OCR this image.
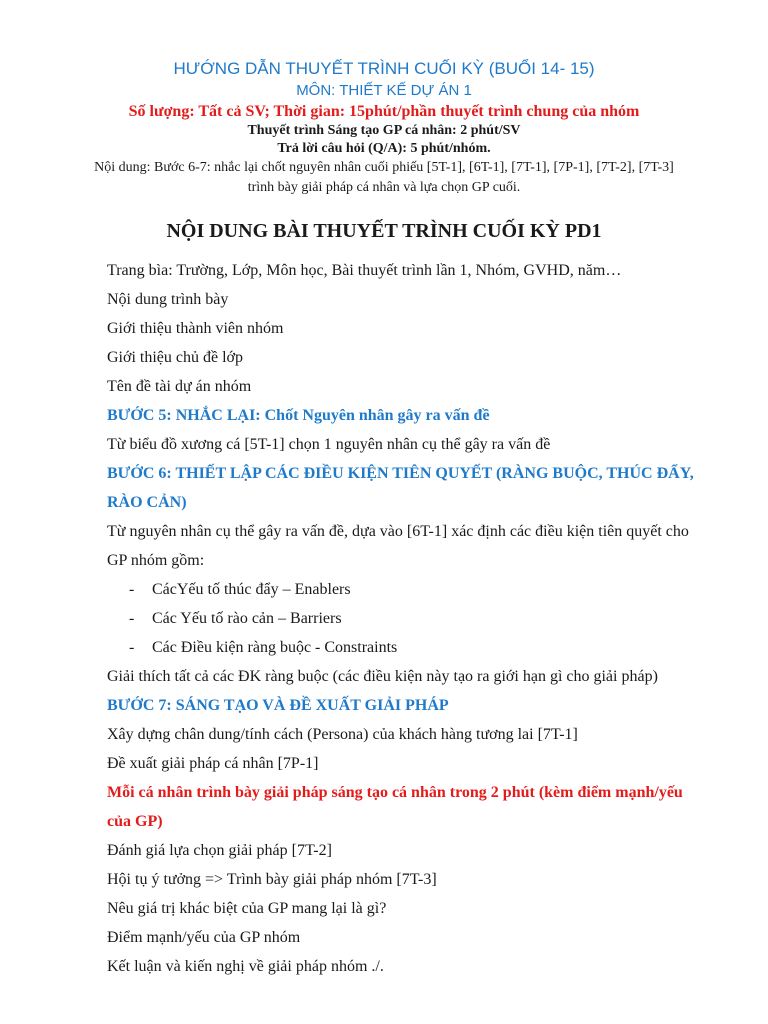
HƯỚNG DẪN THUYẾT TRÌNH CUỐI KỲ (BUỔI 14- 15)

MÔN: THIẾT KẾ DỰ ÁN 1

Số lượng: Tất cả SV; Thời gian: 15phút/phần thuyết trình chung của nhóm

Thuyết trình Sáng tạo GP cá nhân: 2 phút/SV

Trả lời câu hỏi (Q/A): 5 phút/nhóm.

Nội dung: Bước 6-7: nhắc lại chốt nguyên nhân cuối phiếu [5T-1], [6T-1], [7T-1], [7P-1], [7T-2], [7T-3] trình bày giải pháp cá nhân và lựa chọn GP cuối.

NỘI DUNG BÀI THUYẾT TRÌNH CUỐI KỲ PD1

Trang bìa: Trường, Lớp, Môn học, Bài thuyết trình lần 1, Nhóm, GVHD, năm…

Nội dung trình bày

Giới thiệu thành viên nhóm

Giới thiệu chủ đề lớp

Tên đề tài dự án nhóm

BƯỚC 5: NHẮC LẠI: Chốt Nguyên nhân gây ra vấn đề

Từ biểu đồ xương cá [5T-1] chọn 1 nguyên nhân cụ thể gây ra vấn đề

BƯỚC 6: THIẾT LẬP CÁC ĐIỀU KIỆN TIÊN QUYẾT (RÀNG BUỘC, THÚC ĐẨY, RÀO CẢN)

Từ nguyên nhân cụ thể gây ra vấn đề, dựa vào [6T-1] xác định các điều kiện tiên quyết cho GP nhóm gồm:

-	CácYếu tố thúc đẩy – Enablers
-	Các Yếu tố rào cản – Barriers
-	Các Điều kiện ràng buộc - Constraints

Giải thích tất cả các ĐK ràng buộc (các điều kiện này tạo ra giới hạn gì cho giải pháp)

BƯỚC 7: SÁNG TẠO VÀ ĐỀ XUẤT GIẢI PHÁP

Xây dựng chân dung/tính cách (Persona) của khách hàng tương lai [7T-1]

Đề xuất giải pháp cá nhân [7P-1]

Mỗi cá nhân trình bày giải pháp sáng tạo cá nhân trong 2 phút (kèm điểm mạnh/yếu của GP)

Đánh giá lựa chọn giải pháp [7T-2]

Hội tụ ý tưởng => Trình bày giải pháp nhóm [7T-3]

Nêu giá trị khác biệt của GP mang lại là gì?

Điểm mạnh/yếu của GP nhóm

Kết luận và kiến nghị về giải pháp nhóm ./.
